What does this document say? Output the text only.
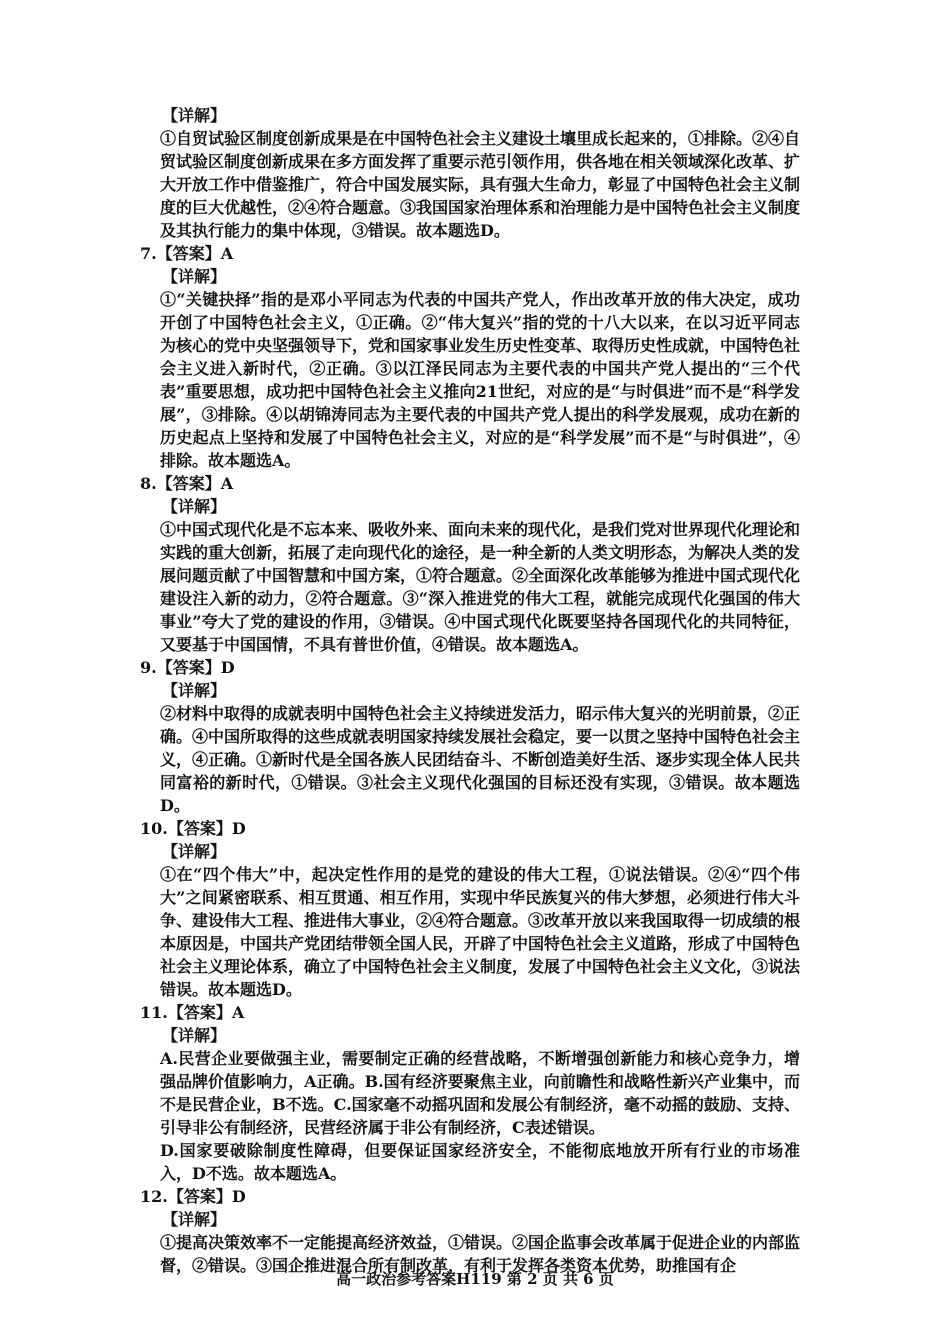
【详解】

①自贸试验区制度创新成果是在中国特色社会主义建设土壤里成长起来的，①排除。②④自贸试验区制度创新成果在多方面发挥了重要示范引领作用，供各地在相关领域深化改革、扩大开放工作中借鉴推广，符合中国发展实际，具有强大生命力，彰显了中国特色社会主义制度的巨大优越性，②④符合题意。③我国国家治理体系和治理能力是中国特色社会主义制度及其执行能力的集中体现，③错误。故本题选D。

7.【答案】A
【详解】

①“关键抉择”指的是邓小平同志为代表的中国共产党人，作出改革开放的伟大决定，成功开创了中国特色社会主义，①正确。②“伟大复兴”指的党的十八大以来，在以习近平同志为核心的党中央坚强领导下，党和国家事业发生历史性变革、取得历史性成就，中国特色社会主义进入新时代，②正确。③以江泽民同志为主要代表的中国共产党人提出的“三个代表”重要思想，成功把中国特色社会主义推向21世纪，对应的是“与时俱进”而不是“科学发展”，③排除。④以胡锦涛同志为主要代表的中国共产党人提出的科学发展观，成功在新的历史起点上坚持和发展了中国特色社会主义，对应的是“科学发展”而不是“与时俱进”，④排除。故本题选A。

8.【答案】A
【详解】

①中国式现代化是不忘本来、吸收外来、面向未来的现代化，是我们党对世界现代化理论和实践的重大创新，拓展了走向现代化的途径，是一种全新的人类文明形态，为解决人类的发展问题贡献了中国智慧和中国方案，①符合题意。②全面深化改革能够为推进中国式现代化建设注入新的动力，②符合题意。③“深入推进党的伟大工程，就能完成现代化强国的伟大事业”夸大了党的建设的作用，③错误。④中国式现代化既要坚持各国现代化的共同特征，又要基于中国国情，不具有普世价值，④错误。故本题选A。

9.【答案】D
【详解】

②材料中取得的成就表明中国特色社会主义持续迸发活力，昭示伟大复兴的光明前景，②正确。④中国所取得的这些成就表明国家持续发展社会稳定，要一以贯之坚持中国特色社会主义，④正确。①新时代是全国各族人民团结奋斗、不断创造美好生活、逐步实现全体人民共同富裕的新时代，①错误。③社会主义现代化强国的目标还没有实现，③错误。故本题选D。

10.【答案】D
【详解】

①在“四个伟大”中，起决定性作用的是党的建设的伟大工程，①说法错误。②④“四个伟大”之间紧密联系、相互贯通、相互作用，实现中华民族复兴的伟大梦想，必须进行伟大斗争、建设伟大工程、推进伟大事业，②④符合题意。③改革开放以来我国取得一切成绩的根本原因是，中国共产党团结带领全国人民，开辟了中国特色社会主义道路，形成了中国特色社会主义理论体系，确立了中国特色社会主义制度，发展了中国特色社会主义文化，③说法错误。故本题选D。

11.【答案】A
【详解】

A.民营企业要做强主业，需要制定正确的经营战略，不断增强创新能力和核心竞争力，增强品牌价值影响力，A正确。B.国有经济要聚焦主业，向前瞻性和战略性新兴产业集中，而不是民营企业，B不选。C.国家毫不动摇巩固和发展公有制经济，毫不动摇的鼓励、支持、引导非公有制经济，民营经济属于非公有制经济，C表述错误。

D.国家要破除制度性障碍，但要保证国家经济安全，不能彻底地放开所有行业的市场准入，D不选。故本题选A。

12.【答案】D
【详解】

①提高决策效率不一定能提高经济效益，①错误。②国企监事会改革属于促进企业的内部监督，②错误。③国企推进混合所有制改革，有利于发挥各类资本优势，助推国有企

高一政治参考答案H119 第 2 页 共 6 页
